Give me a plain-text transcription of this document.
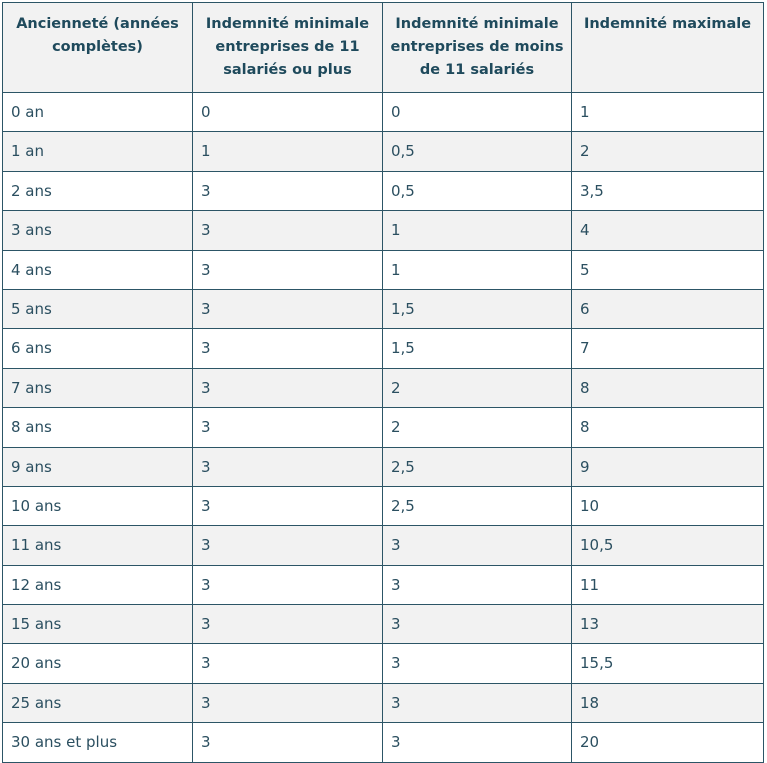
Ancienneté (années complètes)	Indemnité minimale entreprises de 11 salariés ou plus	Indemnité minimale entreprises de moins de 11 salariés	Indemnité maximale
0 an	0	0	1
1 an	1	0,5	2
2 ans	3	0,5	3,5
3 ans	3	1	4
4 ans	3	1	5
5 ans	3	1,5	6
6 ans	3	1,5	7
7 ans	3	2	8
8 ans	3	2	8
9 ans	3	2,5	9
10 ans	3	2,5	10
11 ans	3	3	10,5
12 ans	3	3	11
15 ans	3	3	13
20 ans	3	3	15,5
25 ans	3	3	18
30 ans et plus	3	3	20
